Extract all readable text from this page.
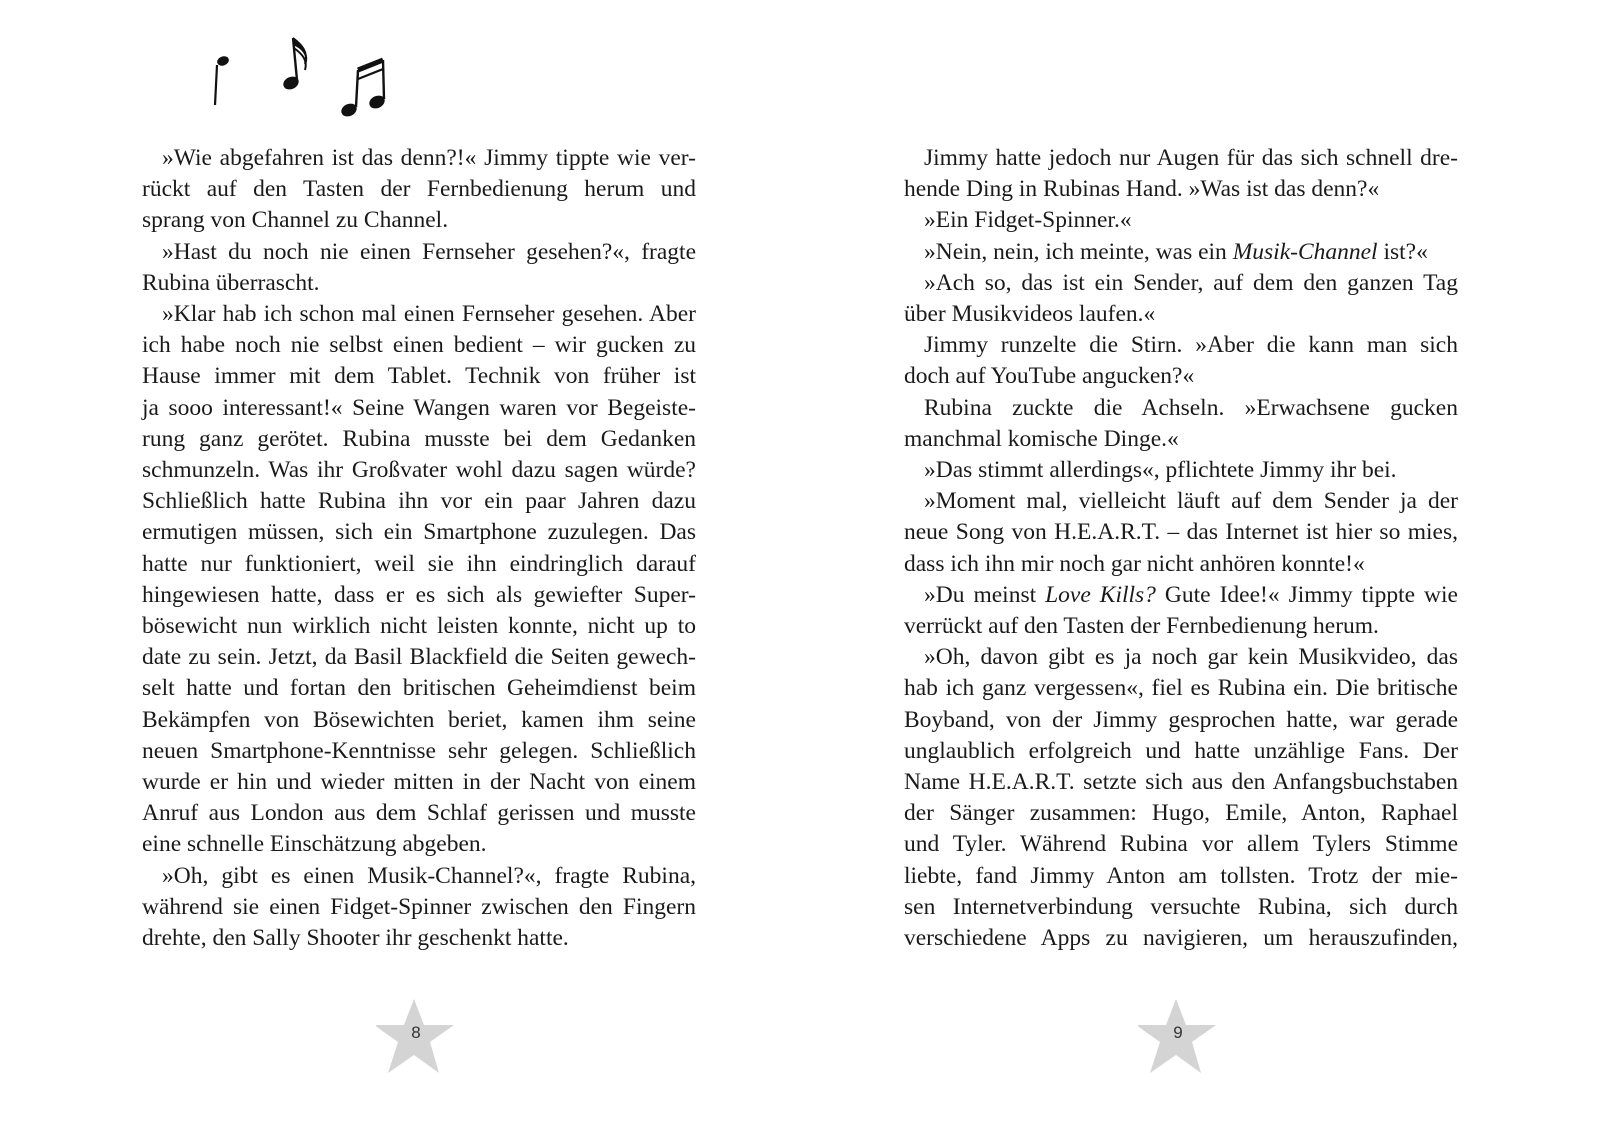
»Wie abgefahren ist das denn?!« Jimmy tippte wie ver-
rückt auf den Tasten der Fernbedienung herum und
sprang von Channel zu Channel.
»Hast du noch nie einen Fernseher gesehen?«, fragte
Rubina überrascht.
»Klar hab ich schon mal einen Fernseher gesehen. Aber
ich habe noch nie selbst einen bedient – wir gucken zu
Hause immer mit dem Tablet. Technik von früher ist
ja sooo interessant!« Seine Wangen waren vor Begeiste-
rung ganz gerötet. Rubina musste bei dem Gedanken
schmunzeln. Was ihr Großvater wohl dazu sagen würde?
Schließlich hatte Rubina ihn vor ein paar Jahren dazu
ermutigen müssen, sich ein Smartphone zuzulegen. Das
hatte nur funktioniert, weil sie ihn eindringlich darauf
hingewiesen hatte, dass er es sich als gewiefter Super-
bösewicht nun wirklich nicht leisten konnte, nicht up to
date zu sein. Jetzt, da Basil Blackfield die Seiten gewech-
selt hatte und fortan den britischen Geheimdienst beim
Bekämpfen von Bösewichten beriet, kamen ihm seine
neuen Smartphone-Kenntnisse sehr gelegen. Schließlich
wurde er hin und wieder mitten in der Nacht von einem
Anruf aus London aus dem Schlaf gerissen und musste
eine schnelle Einschätzung abgeben.
»Oh, gibt es einen Musik-Channel?«, fragte Rubina,
während sie einen Fidget-Spinner zwischen den Fingern
drehte, den Sally Shooter ihr geschenkt hatte.
8
Jimmy hatte jedoch nur Augen für das sich schnell dre-
hende Ding in Rubinas Hand. »Was ist das denn?«
»Ein Fidget-Spinner.«
»Nein, nein, ich meinte, was ein Musik-Channel ist?«
»Ach so, das ist ein Sender, auf dem den ganzen Tag
über Musikvideos laufen.«
Jimmy runzelte die Stirn. »Aber die kann man sich
doch auf YouTube angucken?«
Rubina zuckte die Achseln. »Erwachsene gucken
manchmal komische Dinge.«
»Das stimmt allerdings«, pflichtete Jimmy ihr bei.
»Moment mal, vielleicht läuft auf dem Sender ja der
neue Song von H.E.A.R.T. – das Internet ist hier so mies,
dass ich ihn mir noch gar nicht anhören konnte!«
»Du meinst Love Kills? Gute Idee!« Jimmy tippte wie
verrückt auf den Tasten der Fernbedienung herum.
»Oh, davon gibt es ja noch gar kein Musikvideo, das
hab ich ganz vergessen«, fiel es Rubina ein. Die britische
Boyband, von der Jimmy gesprochen hatte, war gerade
unglaublich erfolgreich und hatte unzählige Fans. Der
Name H.E.A.R.T. setzte sich aus den Anfangsbuchstaben
der Sänger zusammen: Hugo, Emile, Anton, Raphael
und Tyler. Während Rubina vor allem Tylers Stimme
liebte, fand Jimmy Anton am tollsten. Trotz der mie-
sen Internetverbindung versuchte Rubina, sich durch
verschiedene Apps zu navigieren, um herauszufinden,
9
